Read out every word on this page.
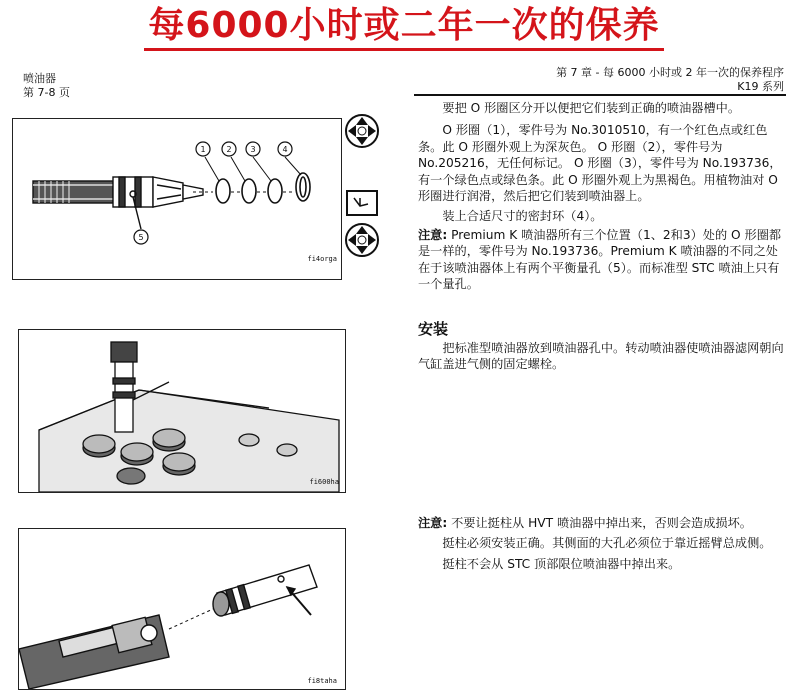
每6000小时或二年一次的保养
喷油器
第 7-8 页
第 7 章 - 每 6000 小时或 2 年一次的保养程序
K19 系列
1	2 3	4
5
fi4orga
fi600ha
fi8taha

要把 O 形圈区分开以便把它们装到正确的喷油器槽中。

O 形圈（1），零件号为 No.3010510，有一个红色点或红色条。此 O 形圈外观上为深灰色。 O 形圈（2），零件号为 No.205216，无任何标记。 O 形圈（3），零件号为 No.193736，有一个绿色点或绿色条。此 O 形圈外观上为黑褐色。用植物油对 O 形圈进行润滑，然后把它们装到喷油器上。

装上合适尺寸的密封环（4）。

注意: Premium K 喷油器所有三个位置（1、2和3）处的 O 形圈都是一样的，零件号为 No.193736。Premium K 喷油器的不同之处在于该喷油器体上有两个平衡量孔（5）。而标准型 STC 喷油上只有一个量孔。

安装

把标准型喷油器放到喷油器孔中。转动喷油器使喷油器滤网朝向气缸盖进气侧的固定螺栓。

注意: 不要让挺柱从 HVT 喷油器中掉出来，否则会造成损坏。

挺柱必须安装正确。其侧面的大孔必须位于靠近摇臂总成侧。

挺柱不会从 STC 顶部限位喷油器中掉出来。
